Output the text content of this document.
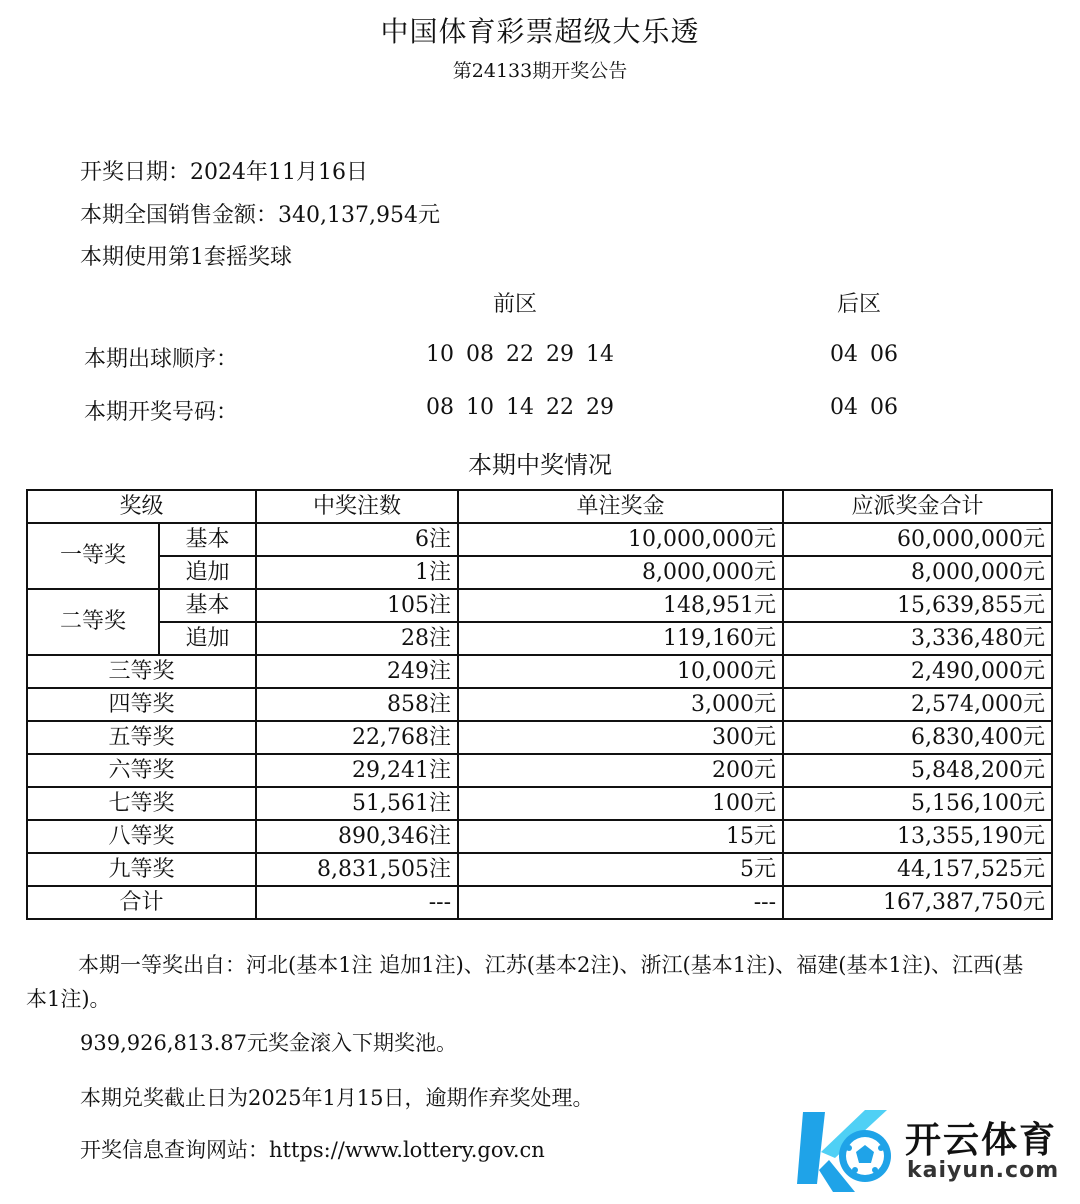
中国体育彩票超级大乐透
第24133期开奖公告
开奖日期：2024年11月16日
本期全国销售金额：340,137,954元
本期使用第1套摇奖球
前区	后区
本期出球顺序：	10 08 22 29 14	04 06
本期开奖号码：	08 10 14 22 29	04 06
本期中奖情况
奖级		中奖注数	单注奖金	应派奖金合计
一等奖	基本	6注	10,000,000元	60,000,000元
	追加	1注	8,000,000元	8,000,000元
二等奖	基本	105注	148,951元	15,639,855元
	追加	28注	119,160元	3,336,480元
三等奖		249注	10,000元	2,490,000元
四等奖		858注	3,000元	2,574,000元
五等奖		22,768注	300元	6,830,400元
六等奖		29,241注	200元	5,848,200元
七等奖		51,561注	100元	5,156,100元
八等奖		890,346注	15元	13,355,190元
九等奖		8,831,505注	5元	44,157,525元
合计		---	---	167,387,750元
本期一等奖出自：河北(基本1注 追加1注)、江苏(基本2注)、浙江(基本1注)、福建(基本1注)、江西(基本1注)。
939,926,813.87元奖金滚入下期奖池。
本期兑奖截止日为2025年1月15日，逾期作弃奖处理。
开奖信息查询网站：https://www.lottery.gov.cn	开云体育
kaiyun.com
